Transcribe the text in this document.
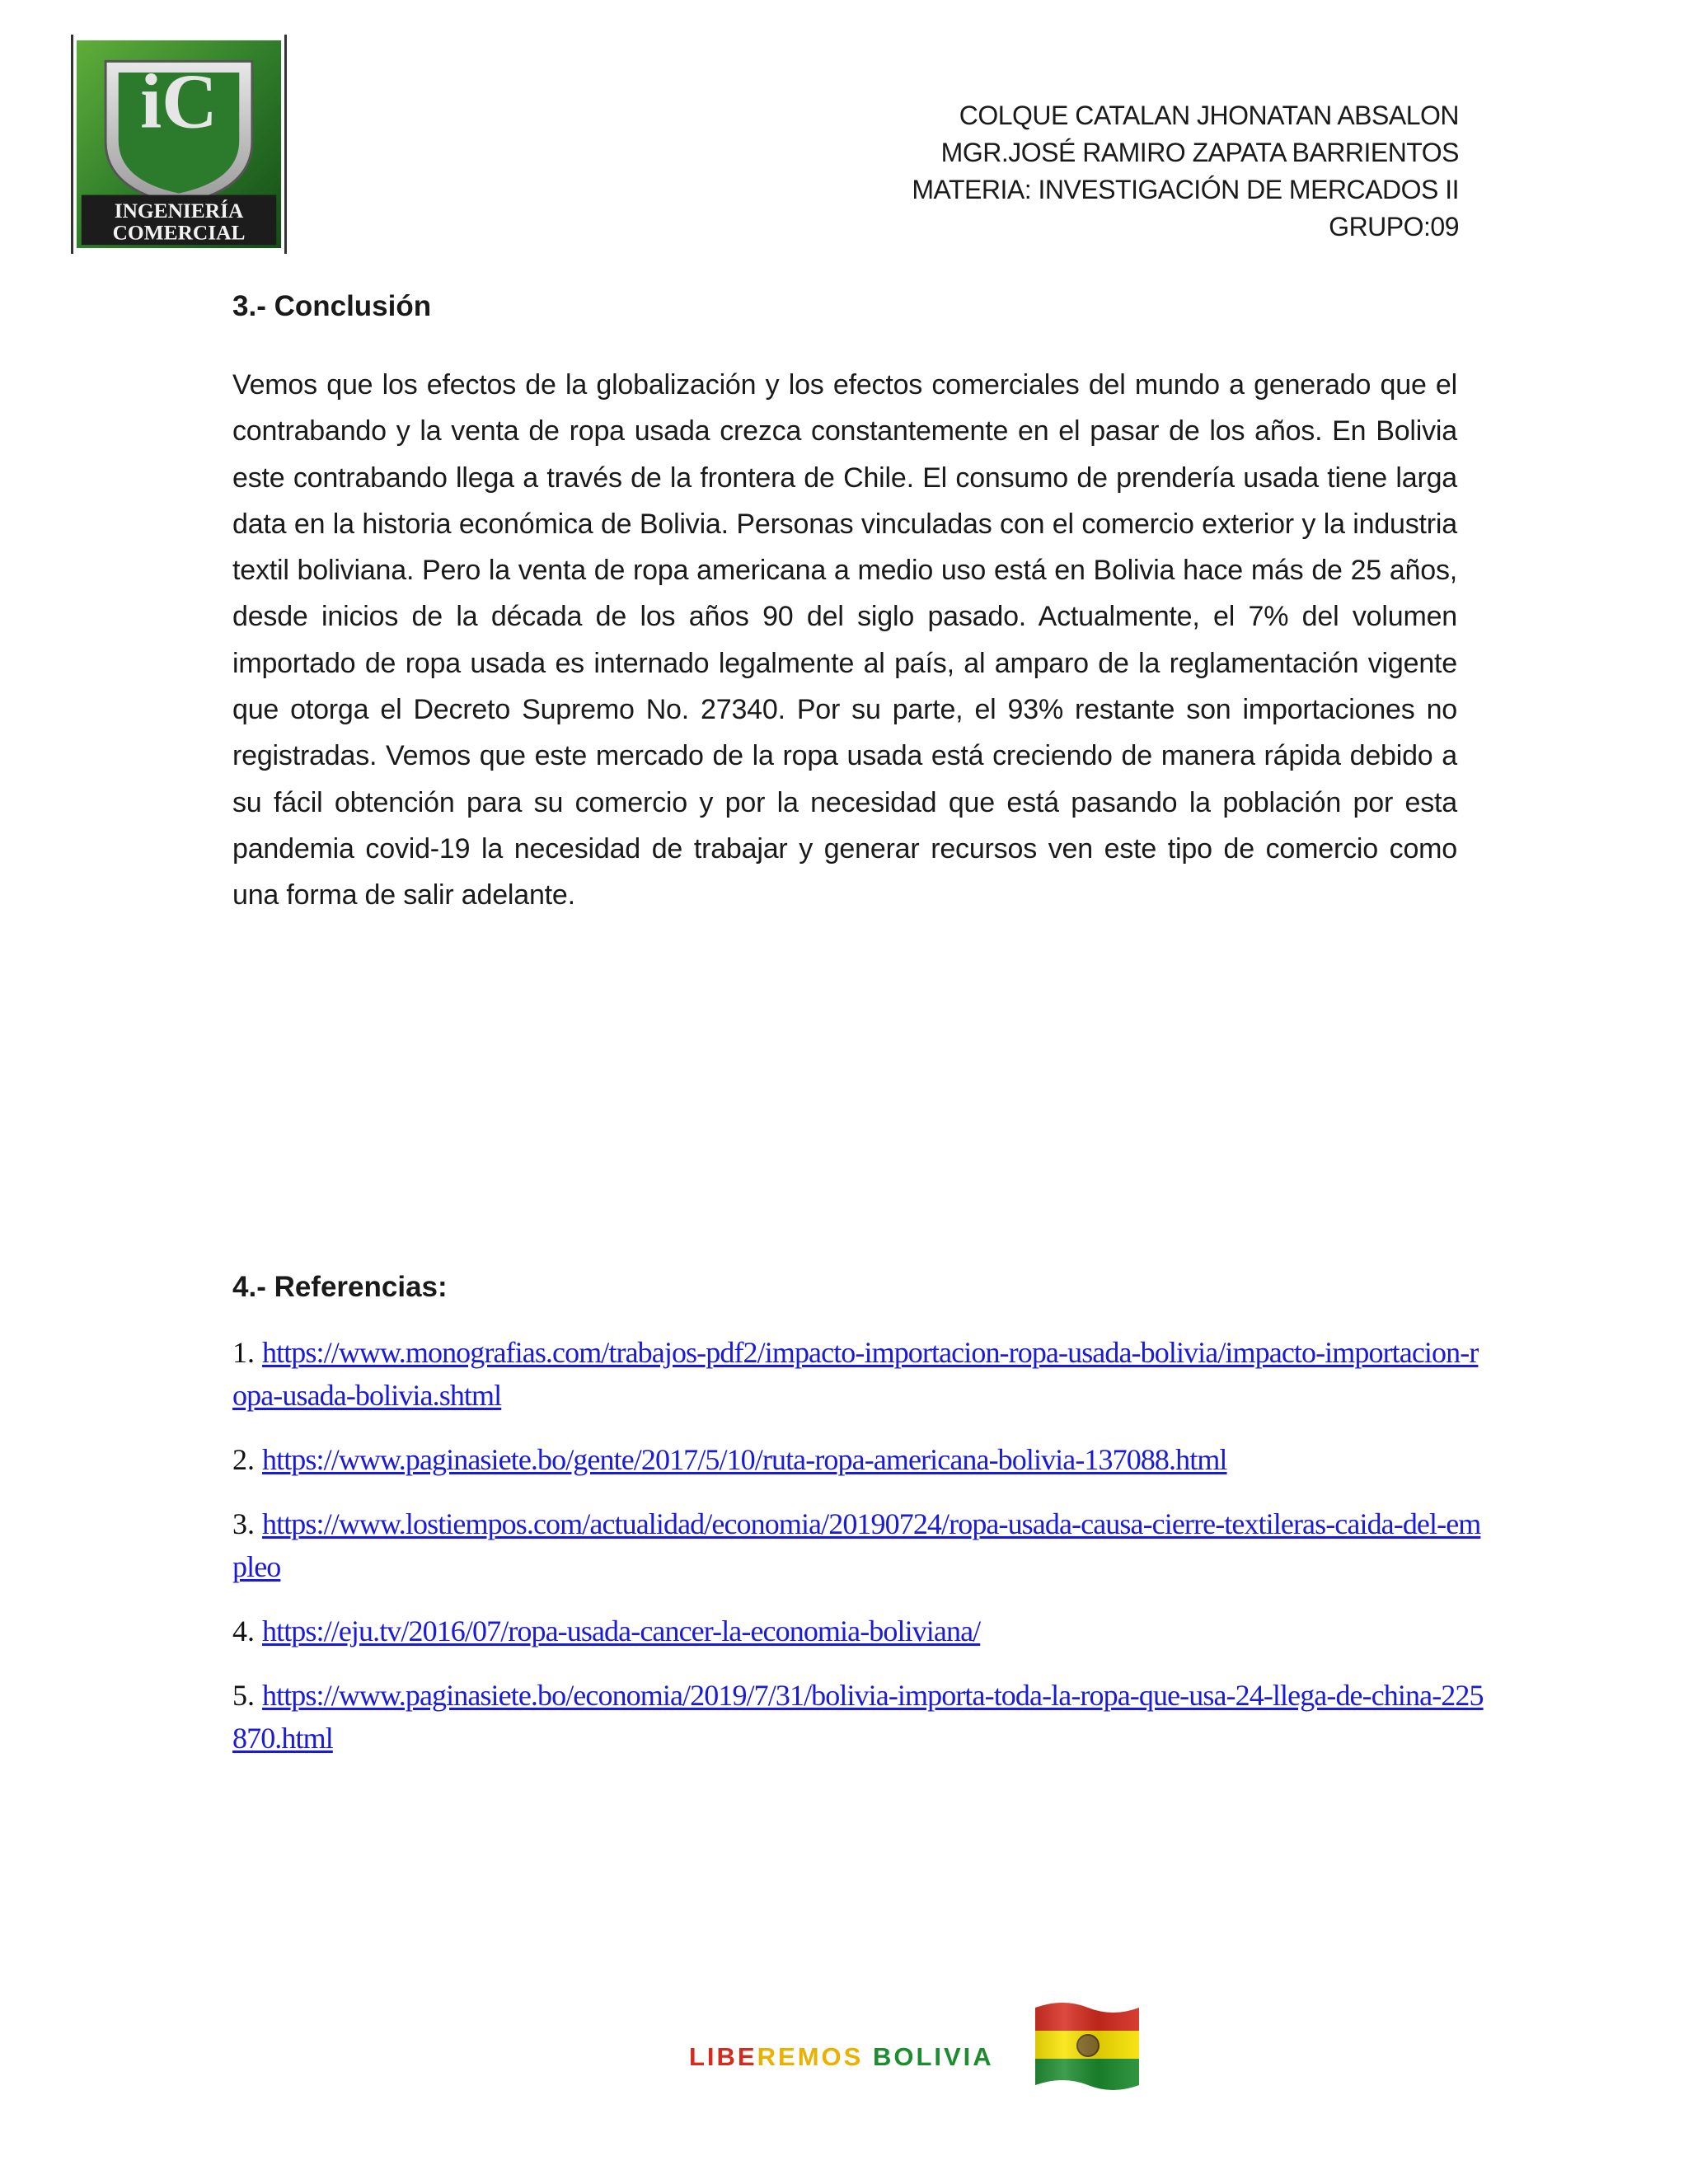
iC
INGENIERÍA
COMERCIAL
COLQUE CATALAN JHONATAN ABSALON
MGR.JOSÉ RAMIRO ZAPATA BARRIENTOS
MATERIA: INVESTIGACIÓN DE MERCADOS II
GRUPO:09
3.- Conclusión

Vemos que los efectos de la globalización y los efectos comerciales del mundo a generado que el contrabando y la venta de ropa usada crezca constantemente en el pasar de los años. En Bolivia este contrabando llega a través de la frontera de Chile. El consumo de prendería usada tiene larga data en la historia económica de Bolivia. Personas vinculadas con el comercio exterior y la industria textil boliviana. Pero la venta de ropa americana a medio uso está en Bolivia hace más de 25 años, desde inicios de la década de los años 90 del siglo pasado. Actualmente, el 7% del volumen importado de ropa usada es internado legalmente al país, al amparo de la reglamentación vigente que otorga el Decreto Supremo No. 27340. Por su parte, el 93% restante son importaciones no registradas. Vemos que este mercado de la ropa usada está creciendo de manera rápida debido a su fácil obtención para su comercio y por la necesidad que está pasando la población por esta pandemia covid-19 la necesidad de trabajar y generar recursos ven este tipo de comercio como una forma de salir adelante.

4.- Referencias:
1. https://www.monografias.com/trabajos-pdf2/impacto-importacion-ropa-usada-bolivia/impacto-importacion-ropa-usada-bolivia.shtml
2. https://www.paginasiete.bo/gente/2017/5/10/ruta-ropa-americana-bolivia-137088.html
3. https://www.lostiempos.com/actualidad/economia/20190724/ropa-usada-causa-cierre-textileras-caida-del-empleo
4. https://eju.tv/2016/07/ropa-usada-cancer-la-economia-boliviana/
5. https://www.paginasiete.bo/economia/2019/7/31/bolivia-importa-toda-la-ropa-que-usa-24-llega-de-china-225870.html
LIBEREMOS BOLIVIA
